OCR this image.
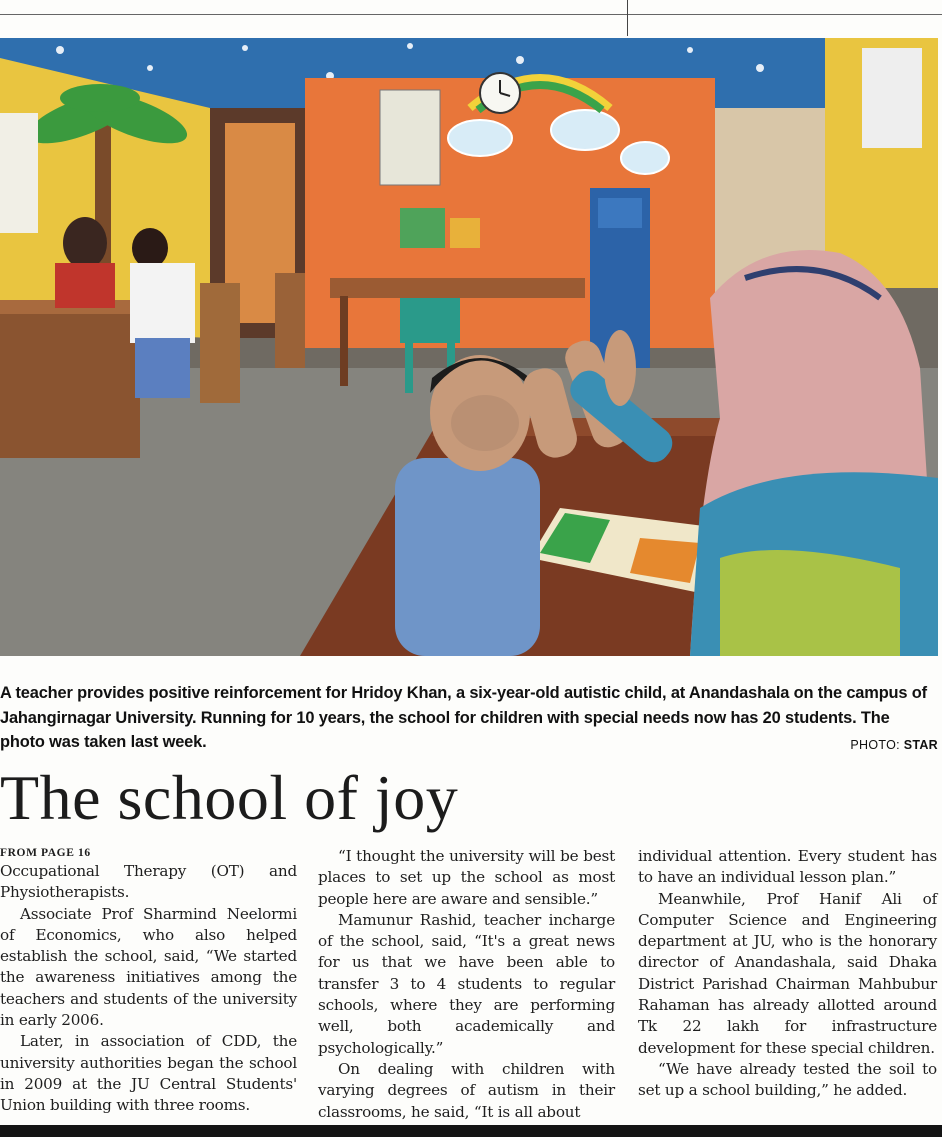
A teacher provides positive reinforcement for Hridoy Khan, a six-year-old autistic child, at Anandashala on the campus of Jahangirnagar University. Running for 10 years, the school for children with special needs now has 20 students. The photo was taken last week.	PHOTO: STAR
The school of joy
FROM PAGE 16

Occupational Therapy (OT) and Physiotherapists.

Associate Prof Sharmind Neelormi of Economics, who also helped establish the school, said, “We started the awareness initiatives among the teachers and students of the university in early 2006.

Later, in association of CDD, the university authorities began the school in 2009 at the JU Central Students' Union building with three rooms.

“I thought the university will be best places to set up the school as most people here are aware and sensible.”

Mamunur Rashid, teacher incharge of the school, said, “It's a great news for us that we have been able to transfer 3 to 4 students to regular schools, where they are performing well, both academically and psychologically.”

On dealing with children with varying degrees of autism in their classrooms, he said, “It is all about

individual attention. Every student has to have an individual lesson plan.”

Meanwhile, Prof Hanif Ali of Computer Science and Engineering department at JU, who is the honorary director of Anandashala, said Dhaka District Parishad Chairman Mahbubur Rahaman has already allotted around Tk 22 lakh for infrastructure development for these special children.

“We have already tested the soil to set up a school building,” he added.
